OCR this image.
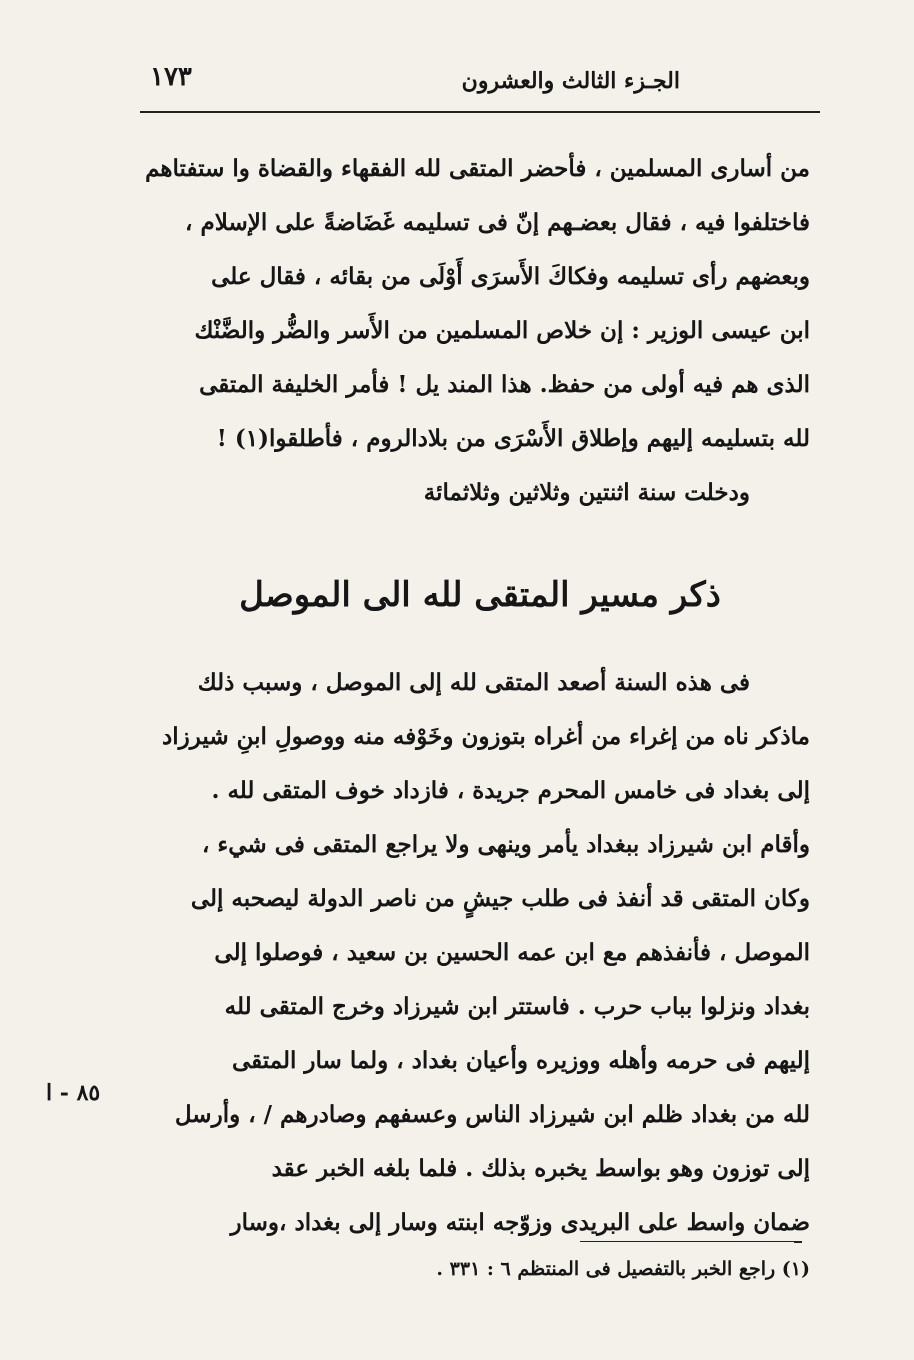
الجـزء الثالث والعشرون
١٧٣
من أسارى المسلمين ، فأحضر المتقى لله الفقهاء والقضاة وا ستفتاهم
فاختلفوا فيه ، فقال بعضـهم إنّ فى تسليمه غَضَاضةً على الإسلام ،
وبعضهم رأى تسليمه وفكاكَ الأَسرَى أَوْلَى من بقائه ، فقال على
ابن عيسى الوزير : إن خلاص المسلمين من الأَسر والضُّر والضَّنْك
الذى هم فيه أولى من حفظ. هذا المند يل ! فأمر الخليفة المتقى
لله بتسليمه إليهم وإطلاق الأَسْرَى من بلادالروم ، فأطلقوا(١) !
ودخلت سنة اثنتين وثلاثين وثلاثمائة
ذكر مسير المتقى لله الى الموصل
فى هذه السنة أصعد المتقى لله إلى الموصل ، وسبب ذلك
ماذكر ناه من إغراء من أغراه بتوزون وخَوْفه منه ووصولِ ابنِ شيرزاد
إلى بغداد فى خامس المحرم جريدة ، فازداد خوف المتقى لله .
وأقام ابن شيرزاد ببغداد يأمر وينهى ولا يراجع المتقى فى شيء ،
وكان المتقى قد أنفذ فى طلب جيشٍ من ناصر الدولة ليصحبه إلى
الموصل ، فأنفذهم مع ابن عمه الحسين بن سعيد ، فوصلوا إلى
بغداد ونزلوا بباب حرب . فاستتر ابن شيرزاد وخرج المتقى لله
إليهم فى حرمه وأهله ووزيره وأعيان بغداد ، ولما سار المتقى
لله من بغداد ظلم ابن شيرزاد الناس وعسفهم وصادرهم / ، وأرسل
إلى توزون وهو بواسط يخبره بذلك . فلما بلغه الخبر عقد
ضمان واسط على البريدى وزوّجه ابنته وسار إلى بغداد ،وسار
٨٥ - ا
(١) راجع الخبر بالتفصيل فى المنتظم ٦ : ٣٣١ .
